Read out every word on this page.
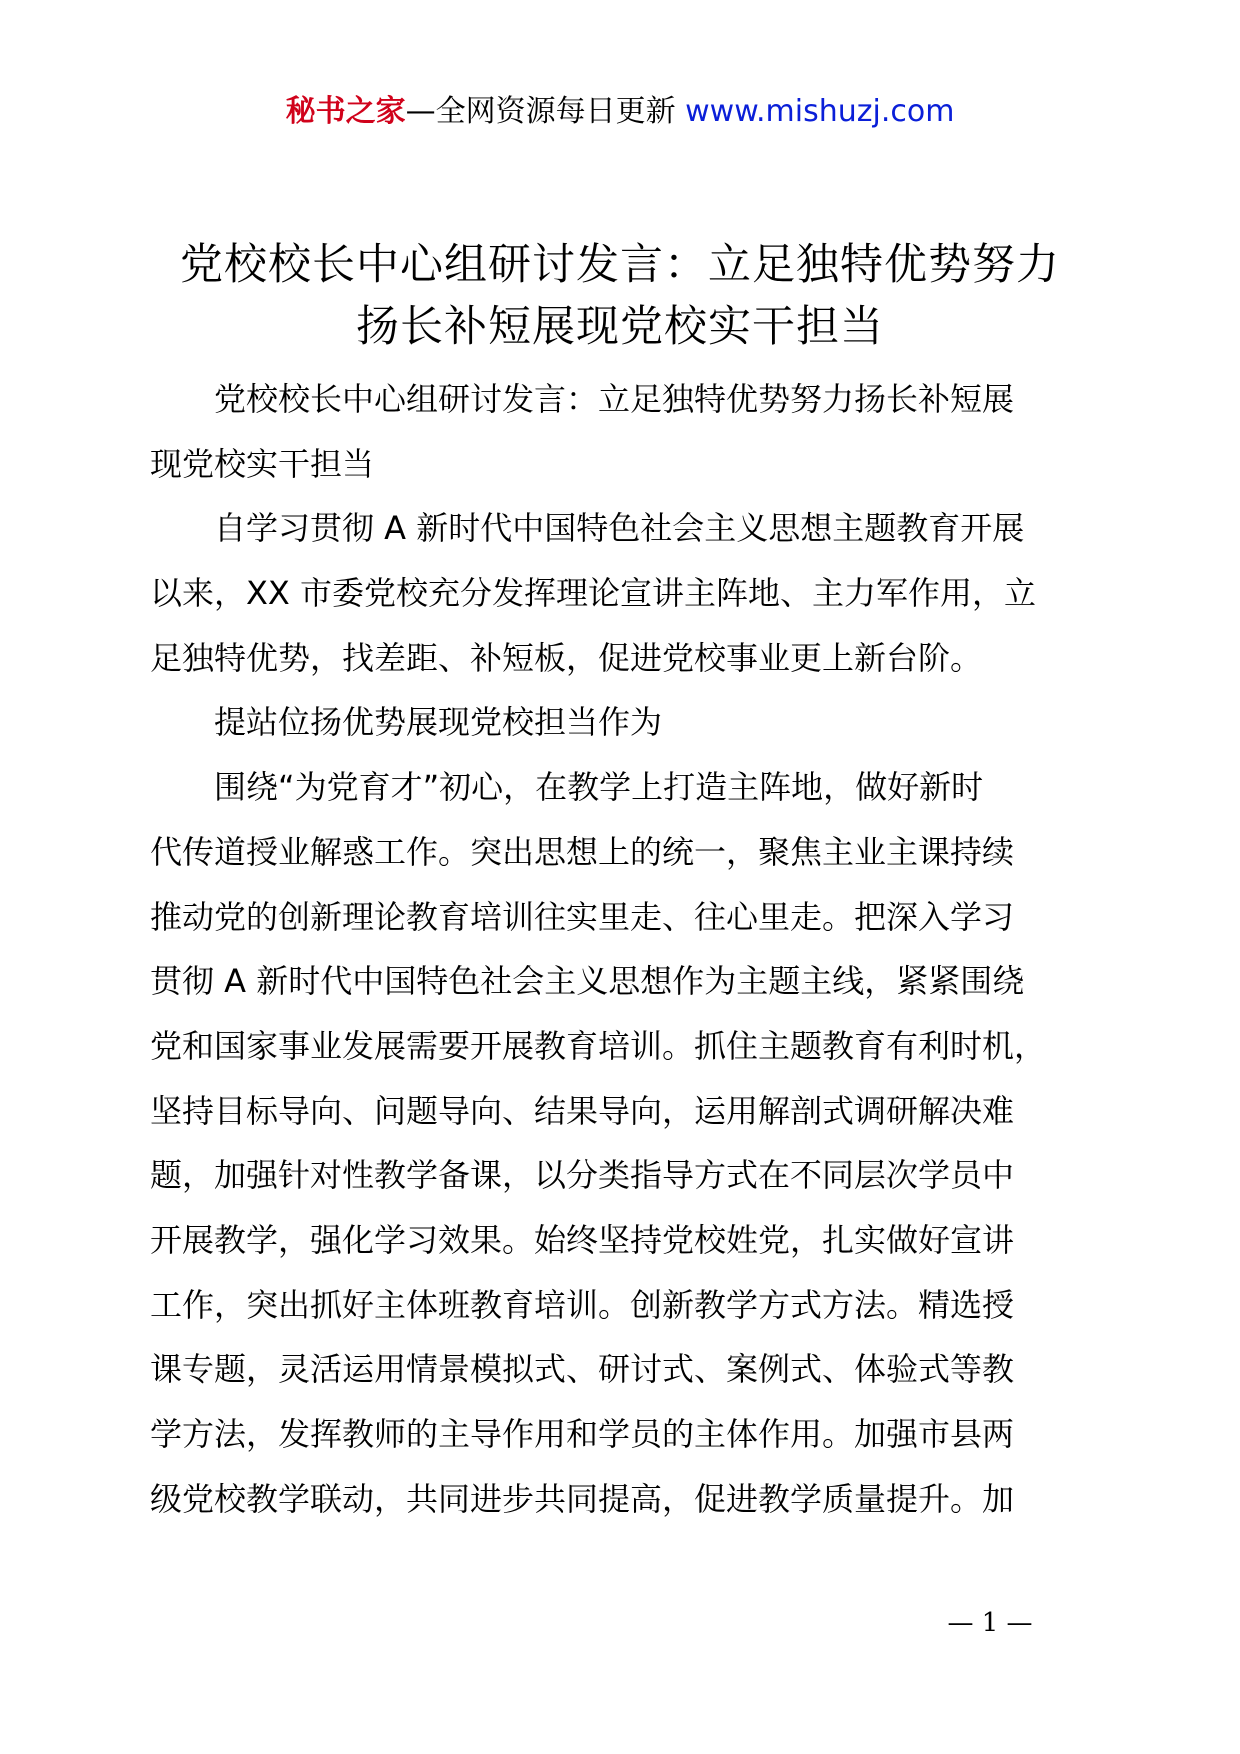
秘书之家—全网资源每日更新 www.mishuzj.com
党校校长中心组研讨发言：立足独特优势努力
扬长补短展现党校实干担当
党校校长中心组研讨发言：立足独特优势努力扬长补短展
现党校实干担当
自学习贯彻 A 新时代中国特色社会主义思想主题教育开展
以来，XX 市委党校充分发挥理论宣讲主阵地、主力军作用，立
足独特优势，找差距、补短板，促进党校事业更上新台阶。
提站位扬优势展现党校担当作为
围绕“为党育才”初心，在教学上打造主阵地，做好新时
代传道授业解惑工作。突出思想上的统一，聚焦主业主课持续
推动党的创新理论教育培训往实里走、往心里走。把深入学习
贯彻 A 新时代中国特色社会主义思想作为主题主线，紧紧围绕
党和国家事业发展需要开展教育培训。抓住主题教育有利时机，
坚持目标导向、问题导向、结果导向，运用解剖式调研解决难
题，加强针对性教学备课，以分类指导方式在不同层次学员中
开展教学，强化学习效果。始终坚持党校姓党，扎实做好宣讲
工作，突出抓好主体班教育培训。创新教学方式方法。精选授
课专题，灵活运用情景模拟式、研讨式、案例式、体验式等教
学方法，发挥教师的主导作用和学员的主体作用。加强市县两
级党校教学联动，共同进步共同提高，促进教学质量提升。加
— 1 —
